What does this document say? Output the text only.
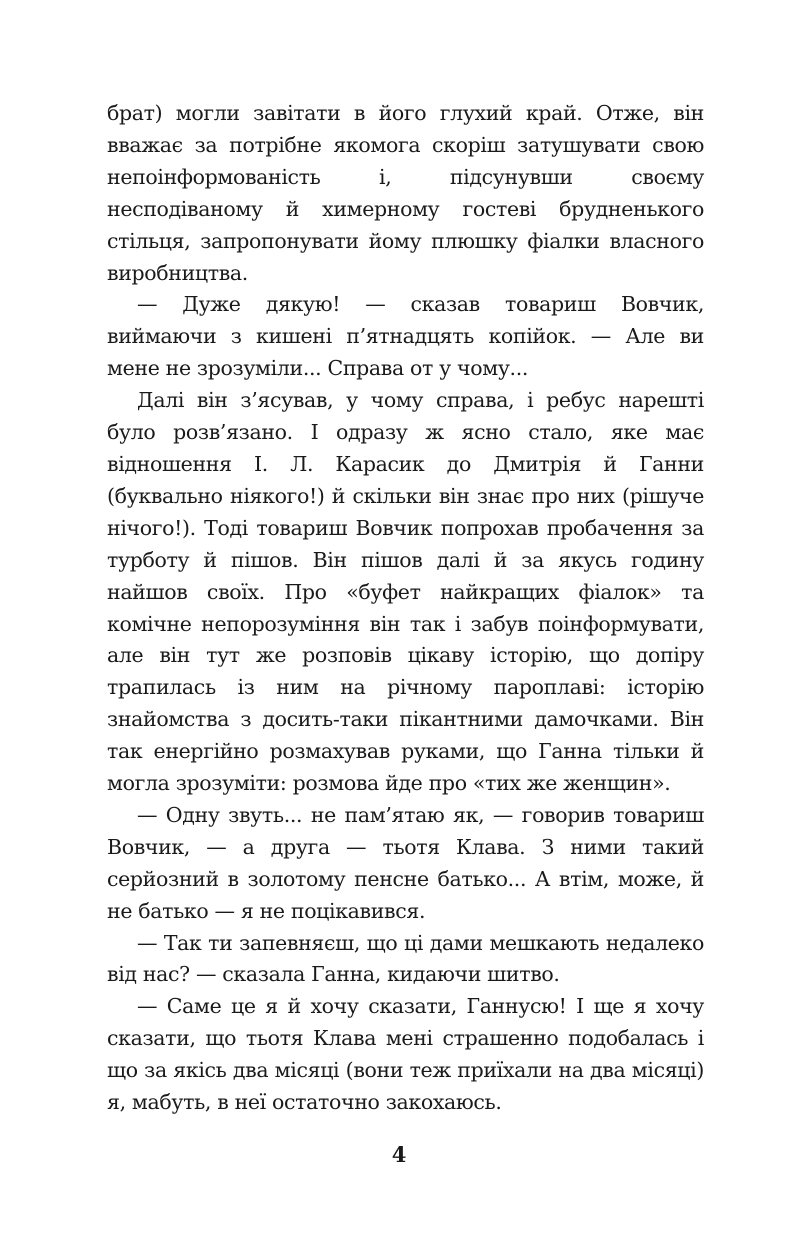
брат) могли завітати в його глухий край. Отже, він вважає за потрібне якомога скоріш затушувати свою непоінформованість і, підсунувши своєму несподіваному й химерному гостеві брудненького стільця, запропонувати йому плюшку фіалки власного виробництва.

— Дуже дякую! — сказав товариш Вовчик, виймаючи з кишені п’ятнадцять копійок. — Але ви мене не зрозуміли... Справа от у чому...

Далі він з’ясував, у чому справа, і ребус нарешті було розв’язано. І одразу ж ясно стало, яке має відношення І. Л. Карасик до Дмитрія й Ганни (буквально ніякого!) й скільки він знає про них (рішуче нічого!). Тоді товариш Вовчик попрохав пробачення за турботу й пішов. Він пішов далі й за якусь годину найшов своїх. Про «буфет найкращих фіалок» та комічне непорозуміння він так і забув поінформувати, але він тут же розповів цікаву історію, що допіру трапилась із ним на річному пароплаві: історію знайомства з досить-таки пікантними дамочками. Він так енергійно розмахував руками, що Ганна тільки й могла зрозуміти: розмова йде про «тих же женщин».

— Одну звуть... не пам’ятаю як, — говорив товариш Вовчик, — а друга — тьотя Клава. З ними такий серйозний в золотому пенсне батько... А втім, може, й не батько — я не поцікавився.

— Так ти запевняєш, що ці дами мешкають недалеко від нас? — сказала Ганна, кидаючи шитво.

— Саме це я й хочу сказати, Ганнусю! І ще я хочу сказати, що тьотя Клава мені страшенно подобалась і що за якісь два місяці (вони теж приїхали на два місяці) я, мабуть, в неї остаточно закохаюсь.

4
